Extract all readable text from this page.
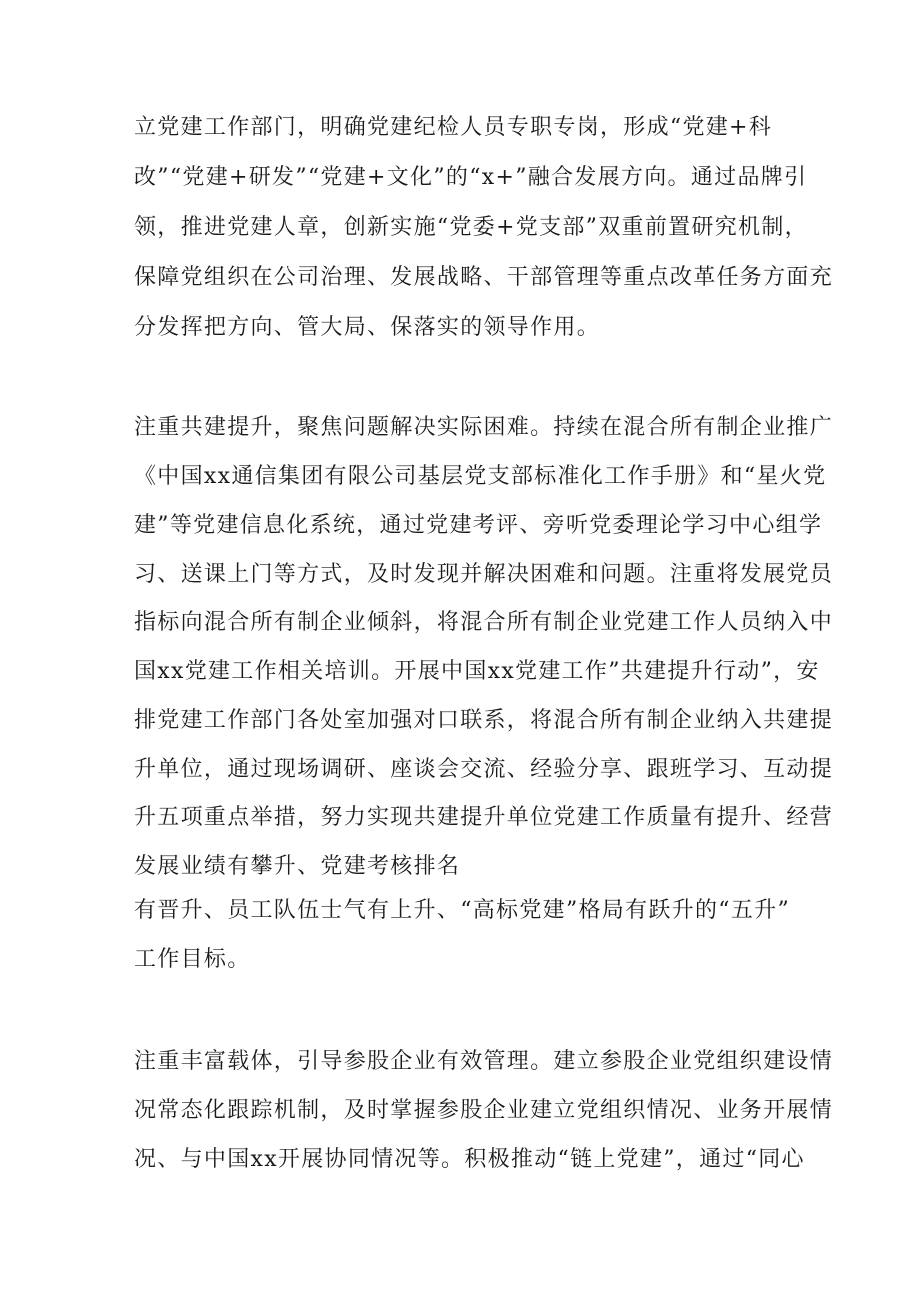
立党建工作部门，明确党建纪检人员专职专岗，形成“党建+科

改”“党建+研发”“党建+文化”的“x+”融合发展方向。通过品牌引

领，推进党建人章，创新实施“党委+党支部”双重前置研究机制，

保障党组织在公司治理、发展战略、干部管理等重点改革任务方面充

分发挥把方向、管大局、保落实的领导作用。

注重共建提升，聚焦问题解决实际困难。持续在混合所有制企业推广

《中国xx通信集团有限公司基层党支部标准化工作手册》和“星火党

建”等党建信息化系统，通过党建考评、旁听党委理论学习中心组学

习、送课上门等方式，及时发现并解决困难和问题。注重将发展党员

指标向混合所有制企业倾斜，将混合所有制企业党建工作人员纳入中

国xx党建工作相关培训。开展中国xx党建工作”共建提升行动”，安

排党建工作部门各处室加强对口联系，将混合所有制企业纳入共建提

升单位，通过现场调研、座谈会交流、经验分享、跟班学习、互动提

升五项重点举措，努力实现共建提升单位党建工作质量有提升、经营

发展业绩有攀升、党建考核排名

有晋升、员工队伍士气有上升、“高标党建”格局有跃升的“五升”

工作目标。

注重丰富载体，引导参股企业有效管理。建立参股企业党组织建设情

况常态化跟踪机制，及时掌握参股企业建立党组织情况、业务开展情

况、与中国xx开展协同情况等。积极推动“链上党建”，通过“同心
